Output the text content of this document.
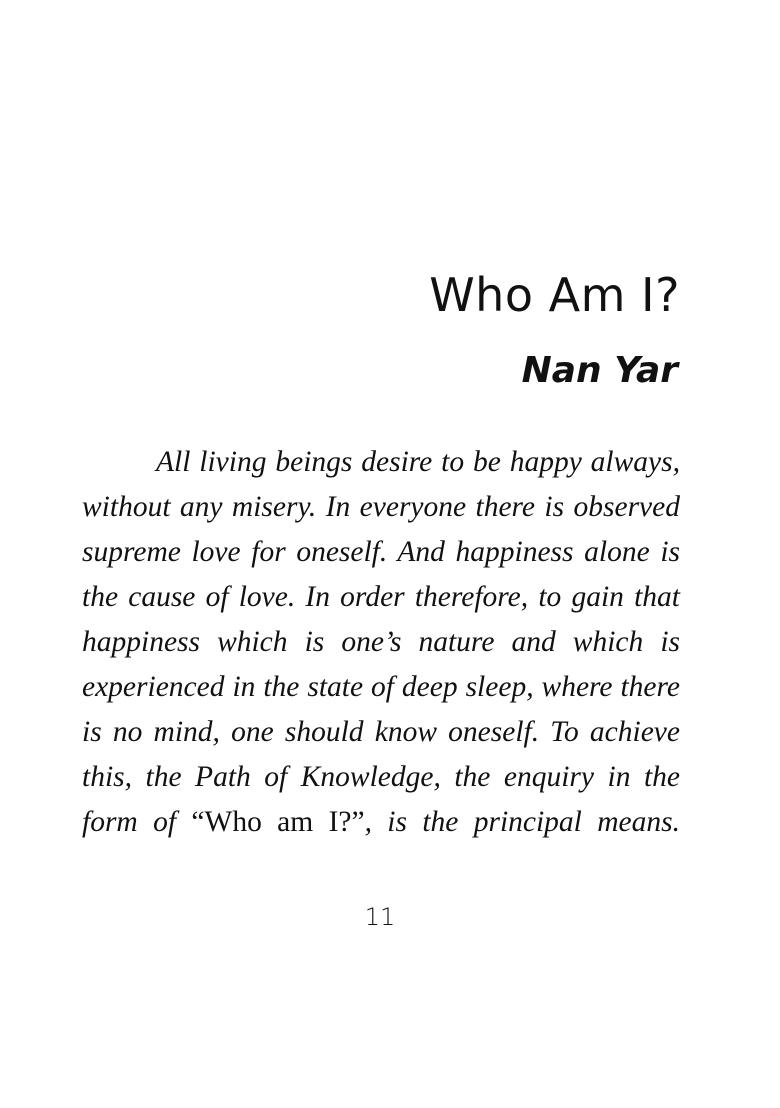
Who Am I?
Nan Yar
All living beings desire to be happy always,
without any misery. In everyone there is observed
supreme love for oneself. And happiness alone is
the cause of love. In order therefore, to gain that
happiness which is one’s nature and which is
experienced in the state of deep sleep, where there
is no mind, one should know oneself. To achieve
this, the Path of Knowledge, the enquiry in the
form of “Who am I?”, is the principal means.
11
